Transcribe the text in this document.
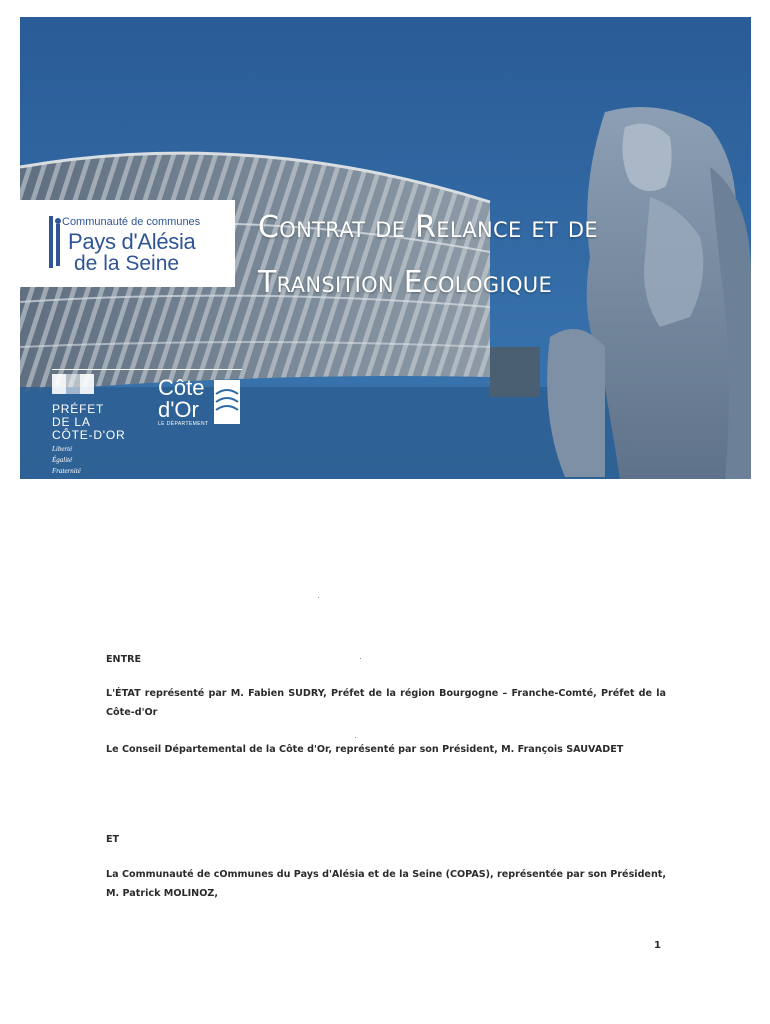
Communauté de communes
Pays d'Alésia
de la Seine
Contrat de Relance et de
Transition Ecologique
PRÉFET
DE LA
CÔTE-D'OR
Liberté
Égalité
Fraternité
Côte
d'Or
LE DÉPARTEMENT
ENTRE
L'ÉTAT représenté par M. Fabien SUDRY, Préfet de la région Bourgogne – Franche-Comté, Préfet de la Côte-d'Or
Le Conseil Départemental de la Côte d'Or, représenté par son Président, M. François SAUVADET
ET
La Communauté de cOmmunes du Pays d'Alésia et de la Seine (COPAS), représentée par son Président, M. Patrick MOLINOZ,
1
